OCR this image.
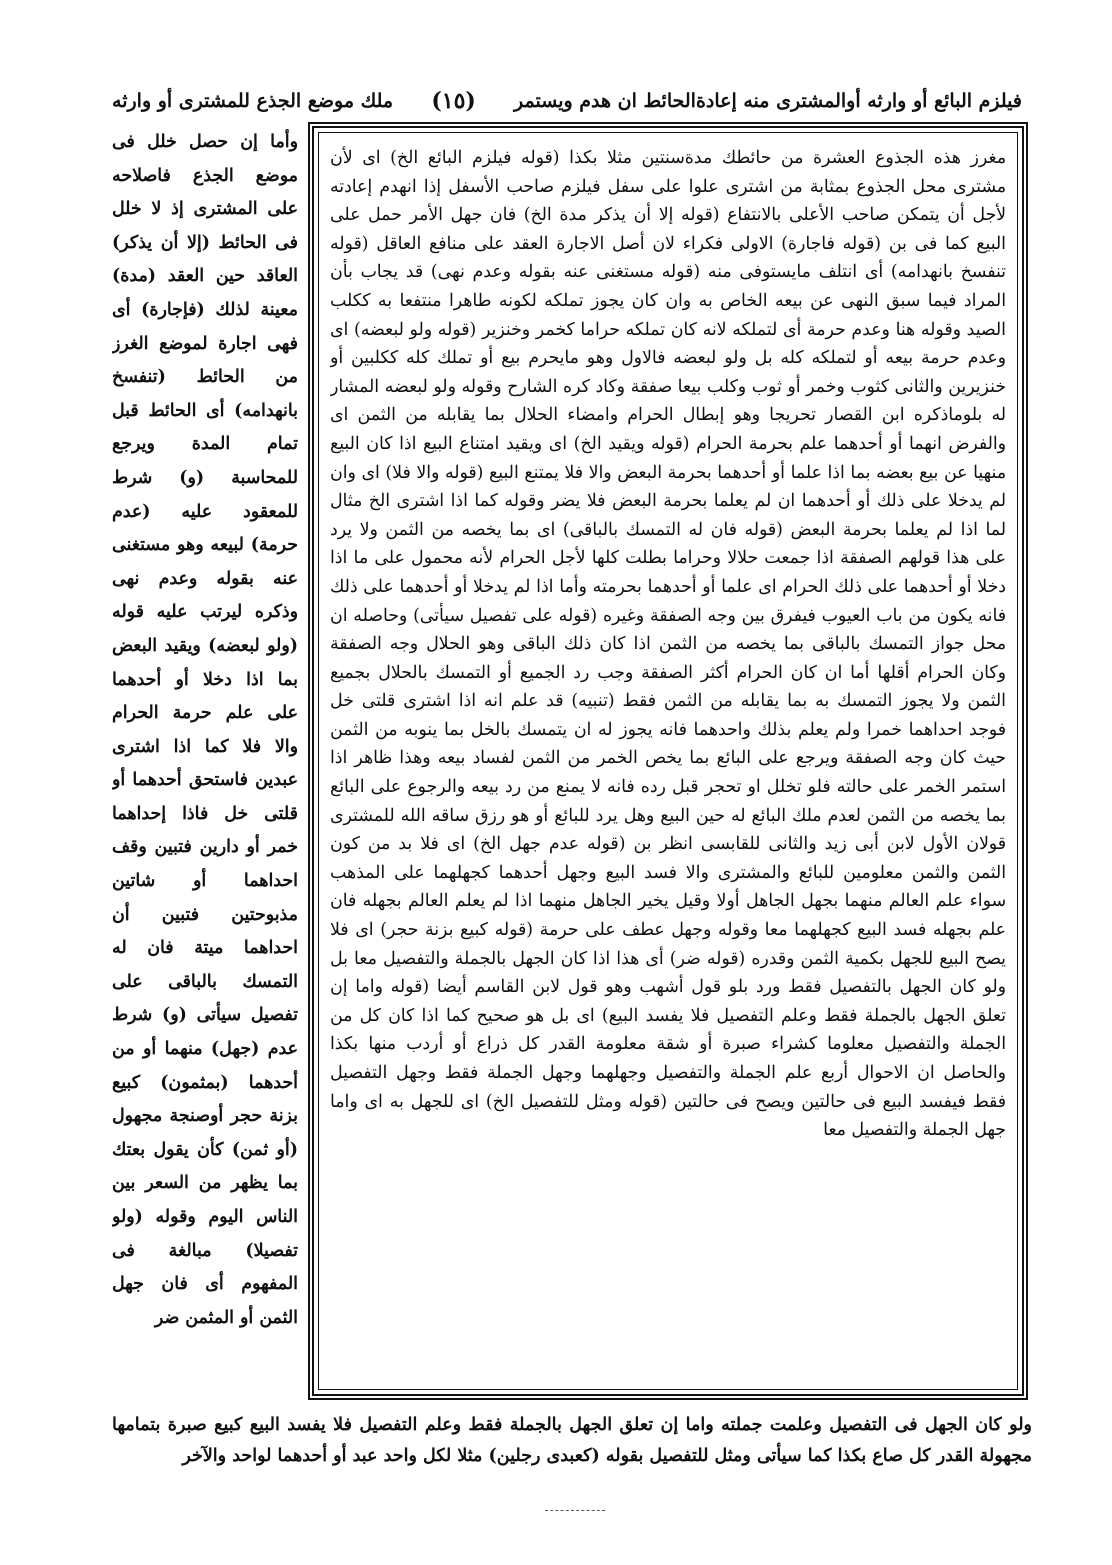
فيلزم البائع أو وارثه أوالمشترى منه إعادةالحائط ان هدم ويستمر
(١٥)
ملك موضع الجذع للمشترى أو وارثه
مغرز هذه الجذوع العشرة من حائطك مدةسنتين مثلا بكذا (قوله فيلزم البائع الخ) اى لأن مشترى محل الجذوع بمثابة من اشترى علوا على سفل فيلزم صاحب الأسفل إذا انهدم إعادته لأجل أن يتمكن صاحب الأعلى بالانتفاع (قوله إلا أن يذكر مدة الخ) فان جهل الأمر حمل على البيع كما فى بن (قوله فاجارة) الاولى فكراء لان أصل الاجارة العقد على منافع العاقل (قوله تنفسخ بانهدامه) أى انتلف مايستوفى منه (قوله مستغنى عنه بقوله وعدم نهى) قد يجاب بأن المراد فيما سبق النهى عن بيعه الخاص به وان كان يجوز تملكه لكونه طاهرا منتفعا به ككلب الصيد وقوله هنا وعدم حرمة أى لتملكه لانه كان تملكه حراما كخمر وخنزير (قوله ولو لبعضه) اى وعدم حرمة بيعه أو لتملكه كله بل ولو لبعضه فالاول وهو مايحرم بيع أو تملك كله ككلبين أو خنزيرين والثانى كثوب وخمر أو ثوب وكلب بيعا صفقة وكاد كره الشارح وقوله ولو لبعضه المشار له بلوماذكره ابن القصار تحريجا وهو إبطال الحرام وامضاء الحلال بما يقابله من الثمن اى والفرض انهما أو أحدهما علم بحرمة الحرام (قوله ويقيد الخ) اى ويقيد امتناع البيع اذا كان البيع منهيا عن بيع بعضه بما اذا علما أو أحدهما بحرمة البعض والا فلا يمتنع البيع (قوله والا فلا) اى وان لم يدخلا على ذلك أو أحدهما ان لم يعلما بحرمة البعض فلا يضر وقوله كما اذا اشترى الخ مثال لما اذا لم يعلما بحرمة البعض (قوله فان له التمسك بالباقى) اى بما يخصه من الثمن ولا يرد على هذا قولهم الصفقة اذا جمعت حلالا وحراما بطلت كلها لأجل الحرام لأنه محمول على ما اذا دخلا أو أحدهما على ذلك الحرام اى علما أو أحدهما بحرمته وأما اذا لم يدخلا أو أحدهما على ذلك فانه يكون من باب العيوب فيفرق بين وجه الصفقة وغيره (قوله على تفصيل سيأتى) وحاصله ان محل جواز التمسك بالباقى بما يخصه من الثمن اذا كان ذلك الباقى وهو الحلال وجه الصفقة وكان الحرام أقلها أما ان كان الحرام أكثر الصفقة وجب رد الجميع أو التمسك بالحلال بجميع الثمن ولا يجوز التمسك به بما يقابله من الثمن فقط (تنبيه) قد علم انه اذا اشترى قلتى خل فوجد احداهما خمرا ولم يعلم بذلك واحدهما فانه يجوز له ان يتمسك بالخل بما ينوبه من الثمن حيث كان وجه الصفقة ويرجع على البائع بما يخص الخمر من الثمن لفساد بيعه وهذا ظاهر اذا استمر الخمر على حالته فلو تخلل او تحجر قبل رده فانه لا يمنع من رد بيعه والرجوع على البائع بما يخصه من الثمن لعدم ملك البائع له حين البيع وهل يرد للبائع أو هو رزق ساقه الله للمشترى قولان الأول لابن أبى زيد والثانى للقابسى انظر بن (قوله عدم جهل الخ) اى فلا بد من كون الثمن والثمن معلومين للبائع والمشترى والا فسد البيع وجهل أحدهما كجهلهما على المذهب سواء علم العالم منهما بجهل الجاهل أولا وقيل يخير الجاهل منهما اذا لم يعلم العالم بجهله فان علم بجهله فسد البيع كجهلهما معا وقوله وجهل عطف على حرمة (قوله كبيع بزنة حجر) اى فلا يصح البيع للجهل بكمية الثمن وقدره (قوله ضر) أى هذا اذا كان الجهل بالجملة والتفصيل معا بل ولو كان الجهل بالتفصيل فقط ورد بلو قول أشهب وهو قول لابن القاسم أيضا (قوله واما إن تعلق الجهل بالجملة فقط وعلم التفصيل فلا يفسد البيع) اى بل هو صحيح كما اذا كان كل من الجملة والتفصيل معلوما كشراء صبرة أو شقة معلومة القدر كل ذراع أو أردب منها بكذا والحاصل ان الاحوال أربع علم الجملة والتفصيل وجهلهما وجهل الجملة فقط وجهل التفصيل فقط فيفسد البيع فى حالتين ويصح فى حالتين (قوله ومثل للتفصيل الخ) اى للجهل به اى واما جهل الجملة والتفصيل معا
وأما إن حصل خلل فى موضع الجذع فاصلاحه على المشترى إذ لا خلل فى الحائط (إلا أن يذكر) العاقد حين العقد (مدة) معينة لذلك (فإجارة) أى فهى اجارة لموضع الغرز من الحائط (تنفسخ بانهدامه) أى الحائط قبل تمام المدة ويرجع للمحاسبة (و) شرط للمعقود عليه (عدم حرمة) لبيعه وهو مستغنى عنه بقوله وعدم نهى وذكره ليرتب عليه قوله (ولو لبعضه) ويقيد البعض بما اذا دخلا أو أحدهما على علم حرمة الحرام والا فلا كما اذا اشترى عبدين فاستحق أحدهما أو قلتى خل فاذا إحداهما خمر أو دارين فتبين وقف احداهما أو شاتين مذبوحتين فتبين أن احداهما ميتة فان له التمسك بالباقى على تفصيل سيأتى (و) شرط عدم (جهل) منهما أو من أحدهما (بمثمون) كبيع بزنة حجر أوصنجة مجهول (أو ثمن) كأن يقول بعتك بما يظهر من السعر بين الناس اليوم وقوله (ولو تفصيلا) مبالغة فى المفهوم أى فان جهل الثمن أو المثمن ضر
ولو كان الجهل فى التفصيل وعلمت جملته واما إن تعلق الجهل بالجملة فقط وعلم التفصيل فلا يفسد البيع كبيع صبرة بتمامها مجهولة القدر كل صاع بكذا كما سيأتى ومثل للتفصيل بقوله (كعبدى رجلين) مثلا لكل واحد عبد أو أحدهما لواحد والآخر
